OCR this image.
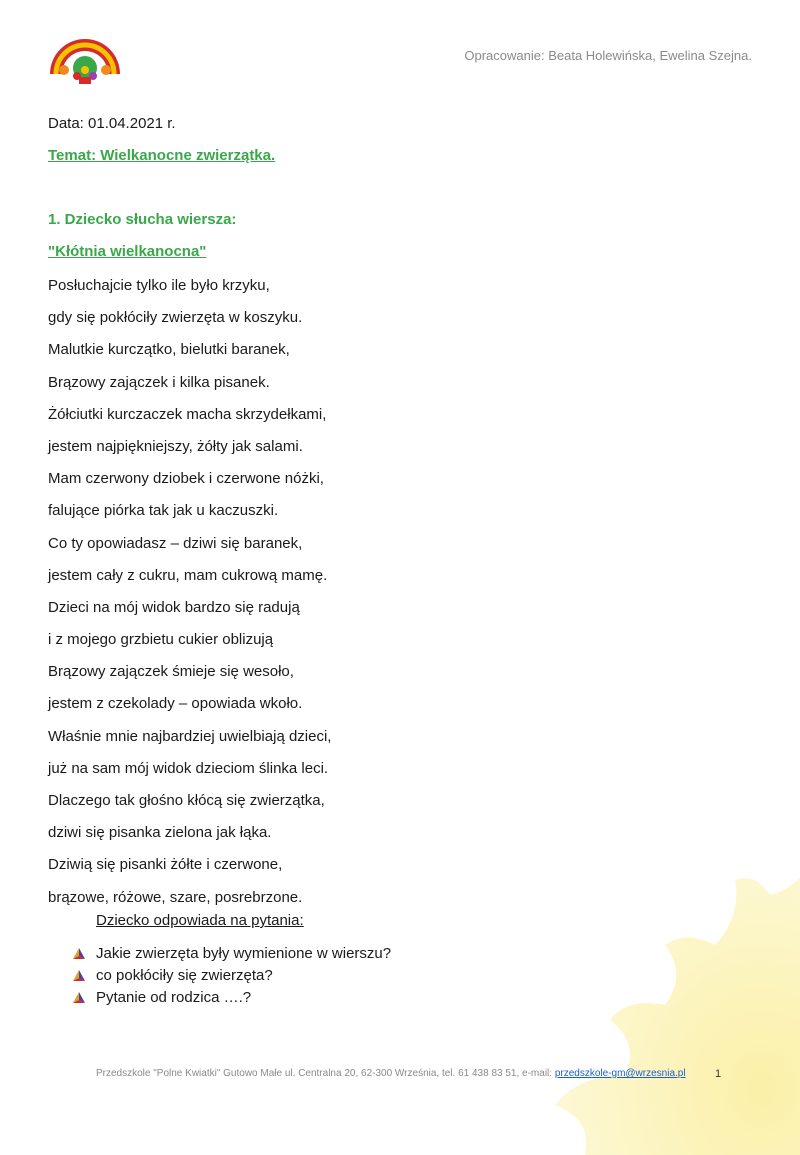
Opracowanie: Beata Holewińska, Ewelina Szejna.
Data: 01.04.2021 r.
Temat: Wielkanocne zwierzątka.
1. Dziecko słucha wiersza:
"Kłótnia wielkanocna"
Posłuchajcie tylko ile było krzyku,
gdy się pokłóciły zwierzęta w koszyku.
Malutkie kurczątko, bielutki baranek,
Brązowy zajączek i kilka pisanek.
Żółciutki kurczaczek macha skrzydełkami,
jestem najpiękniejszy, żółty jak salami.
Mam czerwony dziobek i czerwone nóżki,
falujące piórka tak jak u kaczuszki.
Co ty opowiadasz – dziwi się baranek,
jestem cały z cukru, mam cukrową mamę.
Dzieci na mój widok bardzo się radują
i z mojego grzbietu cukier oblizują
Brązowy zajączek śmieje się wesoło,
jestem z czekolady – opowiada wkoło.
Właśnie mnie najbardziej uwielbiają dzieci,
już na sam mój widok dzieciom ślinka leci.
Dlaczego tak głośno kłócą się zwierzątka,
dziwi się pisanka zielona jak łąka.
Dziwią się pisanki żółte i czerwone,
brązowe, różowe, szare, posrebrzone.
Dziecko odpowiada na pytania:
Jakie zwierzęta były wymienione w wierszu?
co pokłóciły się zwierzęta?
Pytanie od rodzica ….?
Przedszkole "Polne Kwiatki" Gutowo Małe ul. Centralna 20, 62-300 Września, tel. 61 438 83 51, e-mail: przedszkole-gm@wrzesnia.pl	1
